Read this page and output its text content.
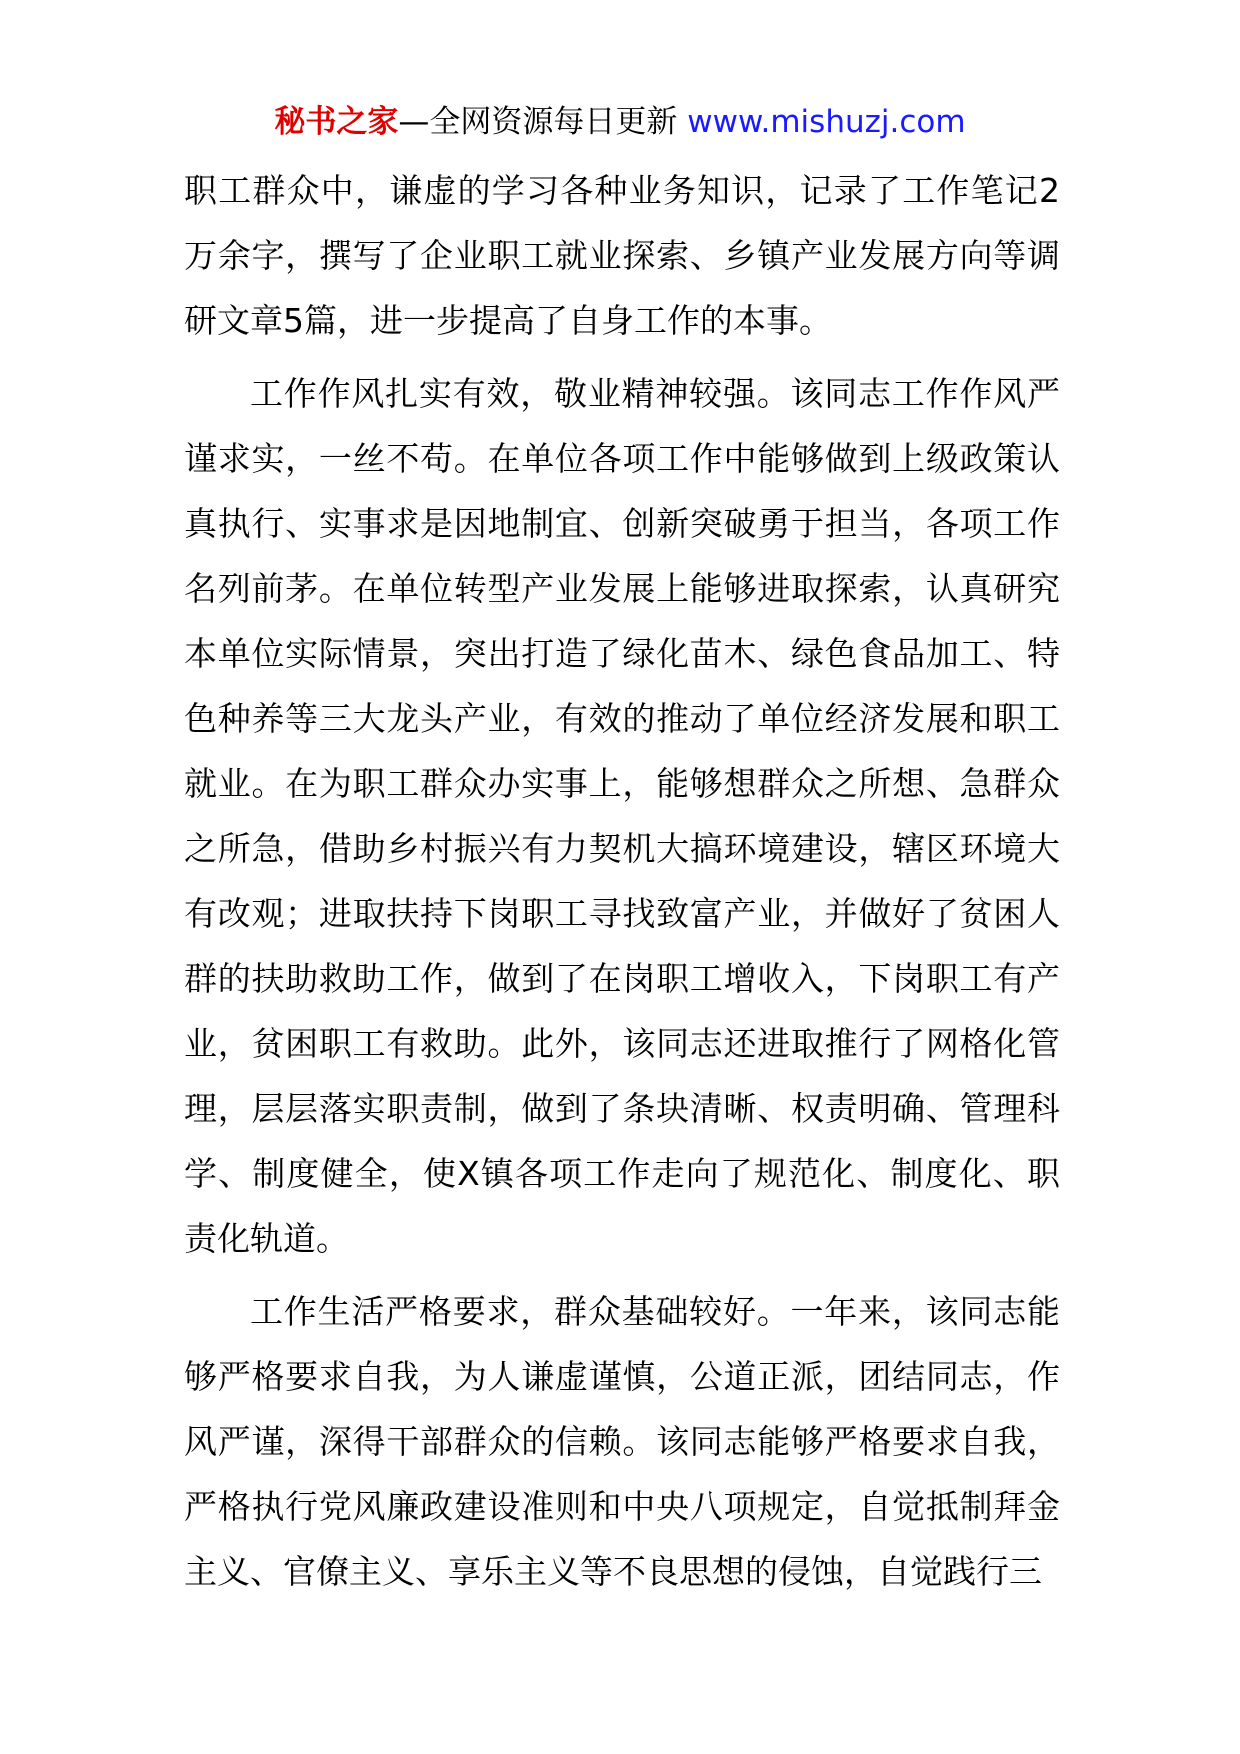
秘书之家—全网资源每日更新 www.mishuzj.com

职工群众中，谦虚的学习各种业务知识，记录了工作笔记2万余字，撰写了企业职工就业探索、乡镇产业发展方向等调研文章5篇，进一步提高了自身工作的本事。

工作作风扎实有效，敬业精神较强。该同志工作作风严谨求实，一丝不苟。在单位各项工作中能够做到上级政策认真执行、实事求是因地制宜、创新突破勇于担当，各项工作名列前茅。在单位转型产业发展上能够进取探索，认真研究本单位实际情景，突出打造了绿化苗木、绿色食品加工、特色种养等三大龙头产业，有效的推动了单位经济发展和职工就业。在为职工群众办实事上，能够想群众之所想、急群众之所急，借助乡村振兴有力契机大搞环境建设，辖区环境大有改观；进取扶持下岗职工寻找致富产业，并做好了贫困人群的扶助救助工作，做到了在岗职工增收入，下岗职工有产业，贫困职工有救助。此外，该同志还进取推行了网格化管理，层层落实职责制，做到了条块清晰、权责明确、管理科学、制度健全，使X镇各项工作走向了规范化、制度化、职责化轨道。

工作生活严格要求，群众基础较好。一年来，该同志能够严格要求自我，为人谦虚谨慎，公道正派，团结同志，作风严谨，深得干部群众的信赖。该同志能够严格要求自我，严格执行党风廉政建设准则和中央八项规定，自觉抵制拜金主义、官僚主义、享乐主义等不良思想的侵蚀，自觉践行三
